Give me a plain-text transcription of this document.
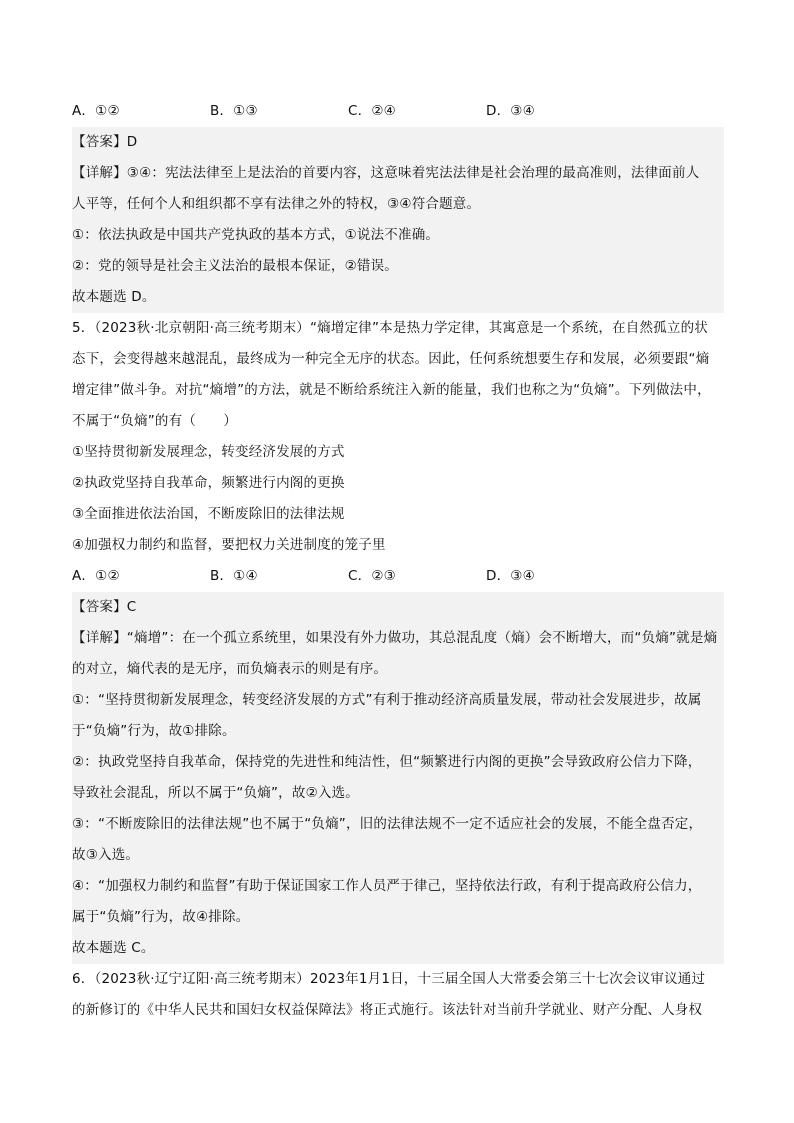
A．①②	B．①③	C．②④	D．③④
【答案】D
【详解】③④：宪法法律至上是法治的首要内容，这意味着宪法法律是社会治理的最高准则，法律面前人
人平等，任何个人和组织都不享有法律之外的特权，③④符合题意。
①：依法执政是中国共产党执政的基本方式，①说法不准确。
②：党的领导是社会主义法治的最根本保证，②错误。
故本题选 D。
5．（2023秋·北京朝阳·高三统考期末）“熵增定律”本是热力学定律，其寓意是一个系统，在自然孤立的状
态下，会变得越来越混乱，最终成为一种完全无序的状态。因此，任何系统想要生存和发展，必须要跟“熵
增定律”做斗争。对抗“熵增”的方法，就是不断给系统注入新的能量，我们也称之为“负熵”。下列做法中，
不属于“负熵”的有（　　）
①坚持贯彻新发展理念，转变经济发展的方式
②执政党坚持自我革命，频繁进行内阁的更换
③全面推进依法治国，不断废除旧的法律法规
④加强权力制约和监督，要把权力关进制度的笼子里
A．①②	B．①④	C．②③	D．③④
【答案】C
【详解】“熵增”：在一个孤立系统里，如果没有外力做功，其总混乱度（熵）会不断增大，而“负熵”就是熵
的对立，熵代表的是无序，而负熵表示的则是有序。
①：“坚持贯彻新发展理念，转变经济发展的方式”有利于推动经济高质量发展，带动社会发展进步，故属
于“负熵”行为，故①排除。
②：执政党坚持自我革命，保持党的先进性和纯洁性，但“频繁进行内阁的更换”会导致政府公信力下降，
导致社会混乱，所以不属于“负熵”，故②入选。
③：“不断废除旧的法律法规”也不属于“负熵”，旧的法律法规不一定不适应社会的发展，不能全盘否定，
故③入选。
④：“加强权力制约和监督”有助于保证国家工作人员严于律己，坚持依法行政，有利于提高政府公信力，
属于“负熵”行为，故④排除。
故本题选 C。
6．（2023秋·辽宁辽阳·高三统考期末）2023年1月1日，十三届全国人大常委会第三十七次会议审议通过
的新修订的《中华人民共和国妇女权益保障法》将正式施行。该法针对当前升学就业、财产分配、人身权
